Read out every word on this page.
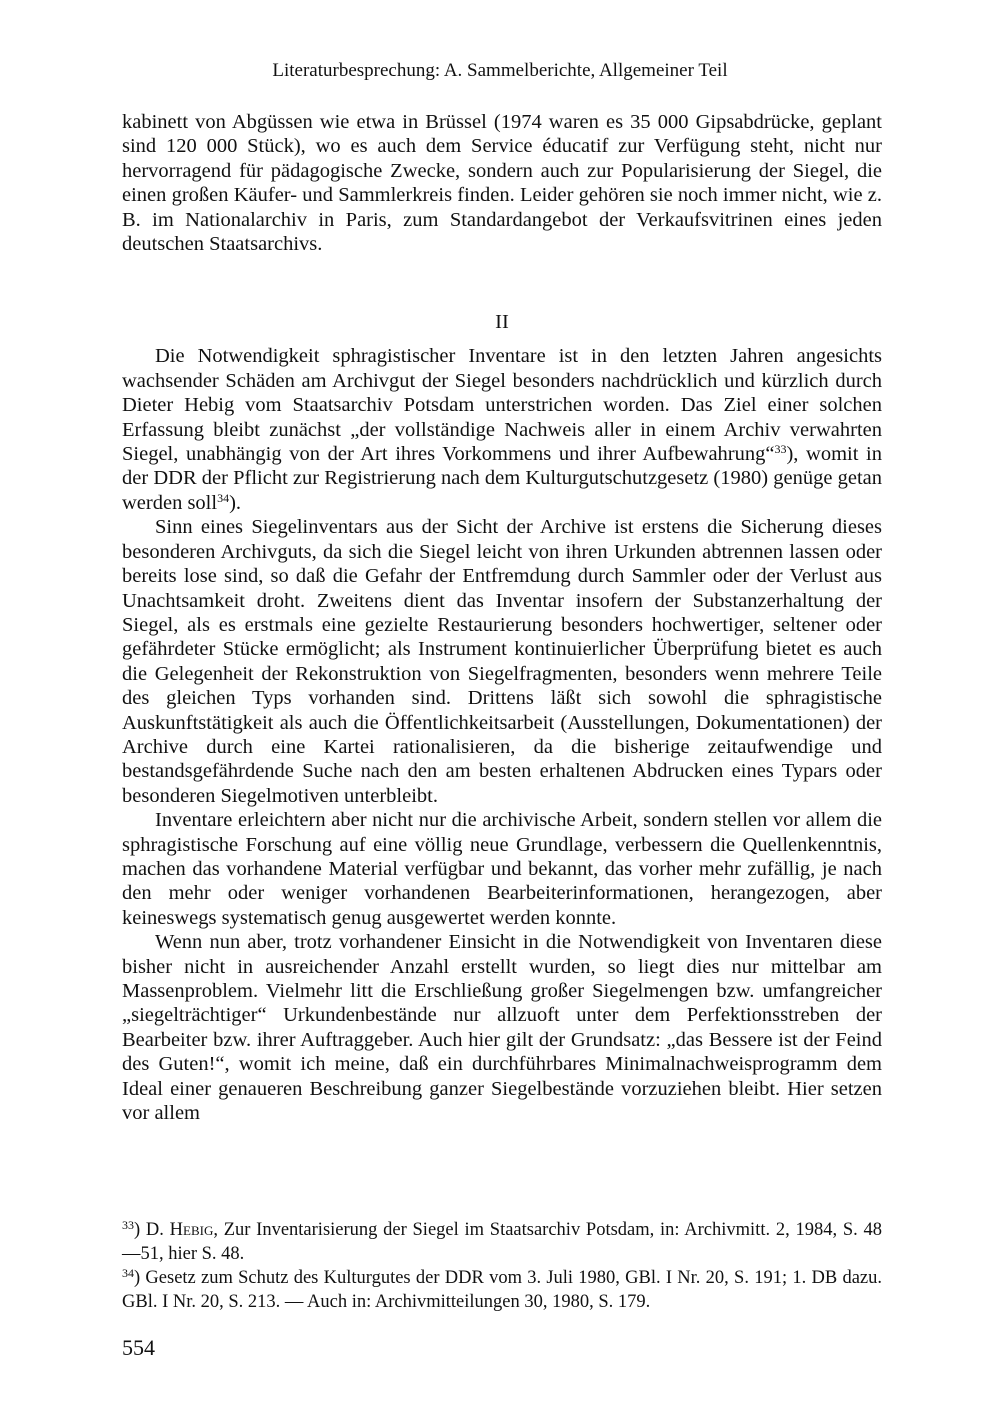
Literaturbesprechung: A. Sammelberichte, Allgemeiner Teil

kabinett von Abgüssen wie etwa in Brüssel (1974 waren es 35 000 Gipsabdrücke, geplant sind 120 000 Stück), wo es auch dem Service éducatif zur Verfügung steht, nicht nur hervorragend für pädagogische Zwecke, sondern auch zur Popularisierung der Siegel, die einen großen Käufer- und Sammlerkreis finden. Leider gehören sie noch immer nicht, wie z. B. im Nationalarchiv in Paris, zum Standardangebot der Verkaufsvitrinen eines jeden deutschen Staatsarchivs.

II

Die Notwendigkeit sphragistischer Inventare ist in den letzten Jahren angesichts wachsender Schäden am Archivgut der Siegel besonders nachdrücklich und kürzlich durch Dieter Hebig vom Staatsarchiv Potsdam unterstrichen worden. Das Ziel einer solchen Erfassung bleibt zunächst „der vollständige Nachweis aller in einem Archiv verwahrten Siegel, unabhängig von der Art ihres Vorkommens und ihrer Aufbewahrung“$^{33}$), womit in der DDR der Pflicht zur Registrierung nach dem Kulturgutschutzgesetz (1980) genüge getan werden soll$^{34}$).

Sinn eines Siegelinventars aus der Sicht der Archive ist erstens die Sicherung dieses besonderen Archivguts, da sich die Siegel leicht von ihren Urkunden abtrennen lassen oder bereits lose sind, so daß die Gefahr der Entfremdung durch Sammler oder der Verlust aus Unachtsamkeit droht. Zweitens dient das Inventar insofern der Substanzerhaltung der Siegel, als es erstmals eine gezielte Restaurierung besonders hochwertiger, seltener oder gefährdeter Stücke ermöglicht; als Instrument kontinuierlicher Überprüfung bietet es auch die Gelegenheit der Rekonstruktion von Siegelfragmenten, besonders wenn mehrere Teile des gleichen Typs vorhanden sind. Drittens läßt sich sowohl die sphragistische Auskunftstätigkeit als auch die Öffentlichkeitsarbeit (Ausstellungen, Dokumentationen) der Archive durch eine Kartei rationalisieren, da die bisherige zeitaufwendige und bestandsgefährdende Suche nach den am besten erhaltenen Abdrucken eines Typars oder besonderen Siegelmotiven unterbleibt.

Inventare erleichtern aber nicht nur die archivische Arbeit, sondern stellen vor allem die sphragistische Forschung auf eine völlig neue Grundlage, verbessern die Quellenkenntnis, machen das vorhandene Material verfügbar und bekannt, das vorher mehr zufällig, je nach den mehr oder weniger vorhandenen Bearbeiterinformationen, herangezogen, aber keineswegs systematisch genug ausgewertet werden konnte.

Wenn nun aber, trotz vorhandener Einsicht in die Notwendigkeit von Inventaren diese bisher nicht in ausreichender Anzahl erstellt wurden, so liegt dies nur mittelbar am Massenproblem. Vielmehr litt die Erschließung großer Siegelmengen bzw. umfangreicher „siegelträchtiger“ Urkundenbestände nur allzuoft unter dem Perfektionsstreben der Bearbeiter bzw. ihrer Auftraggeber. Auch hier gilt der Grundsatz: „das Bessere ist der Feind des Guten!“, womit ich meine, daß ein durchführbares Minimalnachweisprogramm dem Ideal einer genaueren Beschreibung ganzer Siegelbestände vorzuziehen bleibt. Hier setzen vor allem

$^{33}$) D. Hebig, Zur Inventarisierung der Siegel im Staatsarchiv Potsdam, in: Archivmitt. 2, 1984, S. 48—51, hier S. 48.

$^{34}$) Gesetz zum Schutz des Kulturgutes der DDR vom 3. Juli 1980, GBl. I Nr. 20, S. 191; 1. DB dazu. GBl. I Nr. 20, S. 213. — Auch in: Archivmitteilungen 30, 1980, S. 179.

554
